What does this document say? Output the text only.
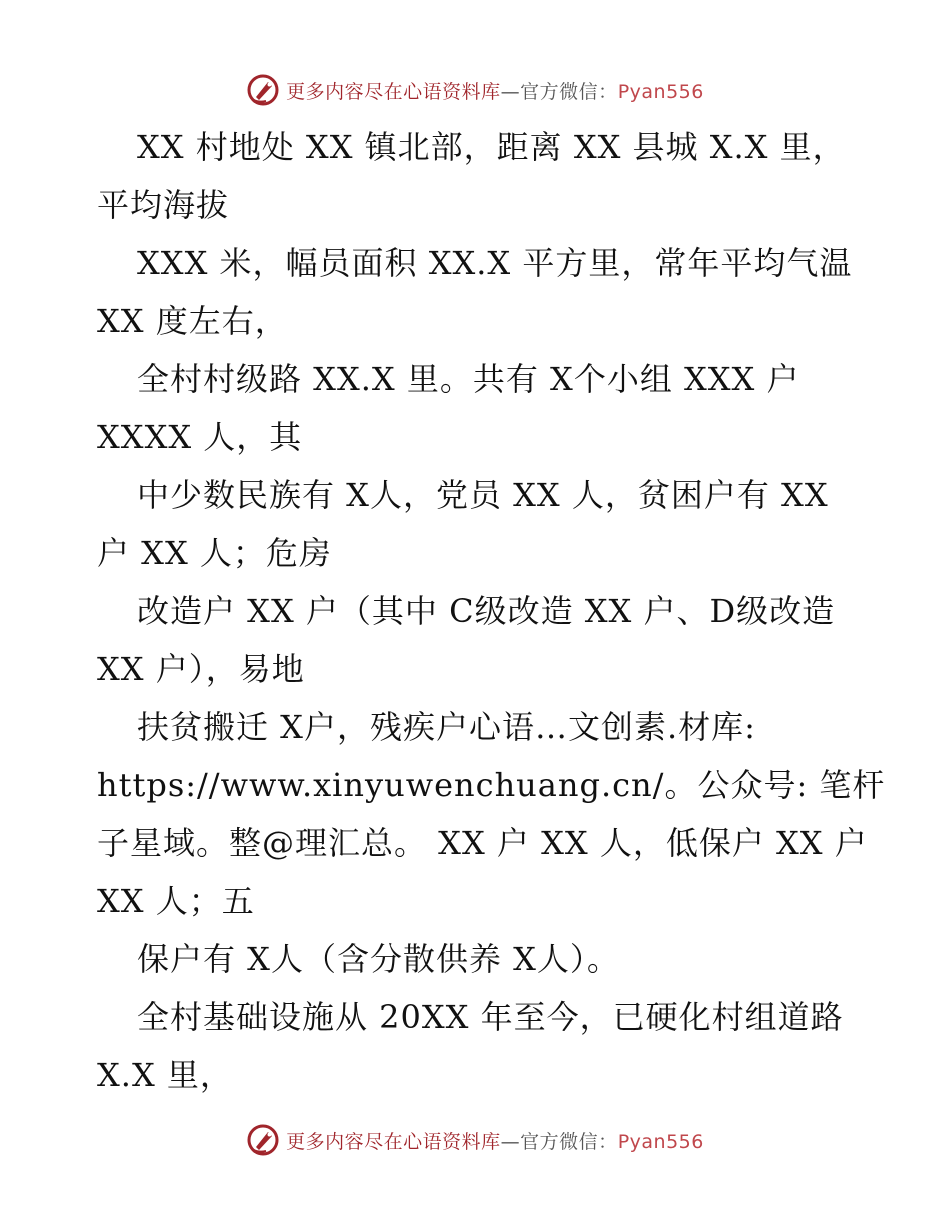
更多内容尽在心语资料库—官方微信：Pyan556
XX 村地处 XX 镇北部，距离 XX 县城 X.X 里，
平均海拔
XXX 米，幅员面积 XX.X 平方里，常年平均气温
XX 度左右，
全村村级路 XX.X 里。共有 X个小组 XXX 户
XXXX 人，其
中少数民族有 X人，党员 XX 人，贫困户有 XX
户 XX 人；危房
改造户 XX 户（其中 C级改造 XX 户、D级改造
XX 户），易地
扶贫搬迁 X户，残疾户心语…文创素.材库:
https://www.xinyuwenchuang.cn/。公众号: 笔杆
子星域。整@理汇总。 XX 户 XX 人，低保户 XX 户
XX 人；五
保户有 X人（含分散供养 X人）。
全村基础设施从 20XX 年至今，已硬化村组道路
X.X 里，
更多内容尽在心语资料库—官方微信：Pyan556
